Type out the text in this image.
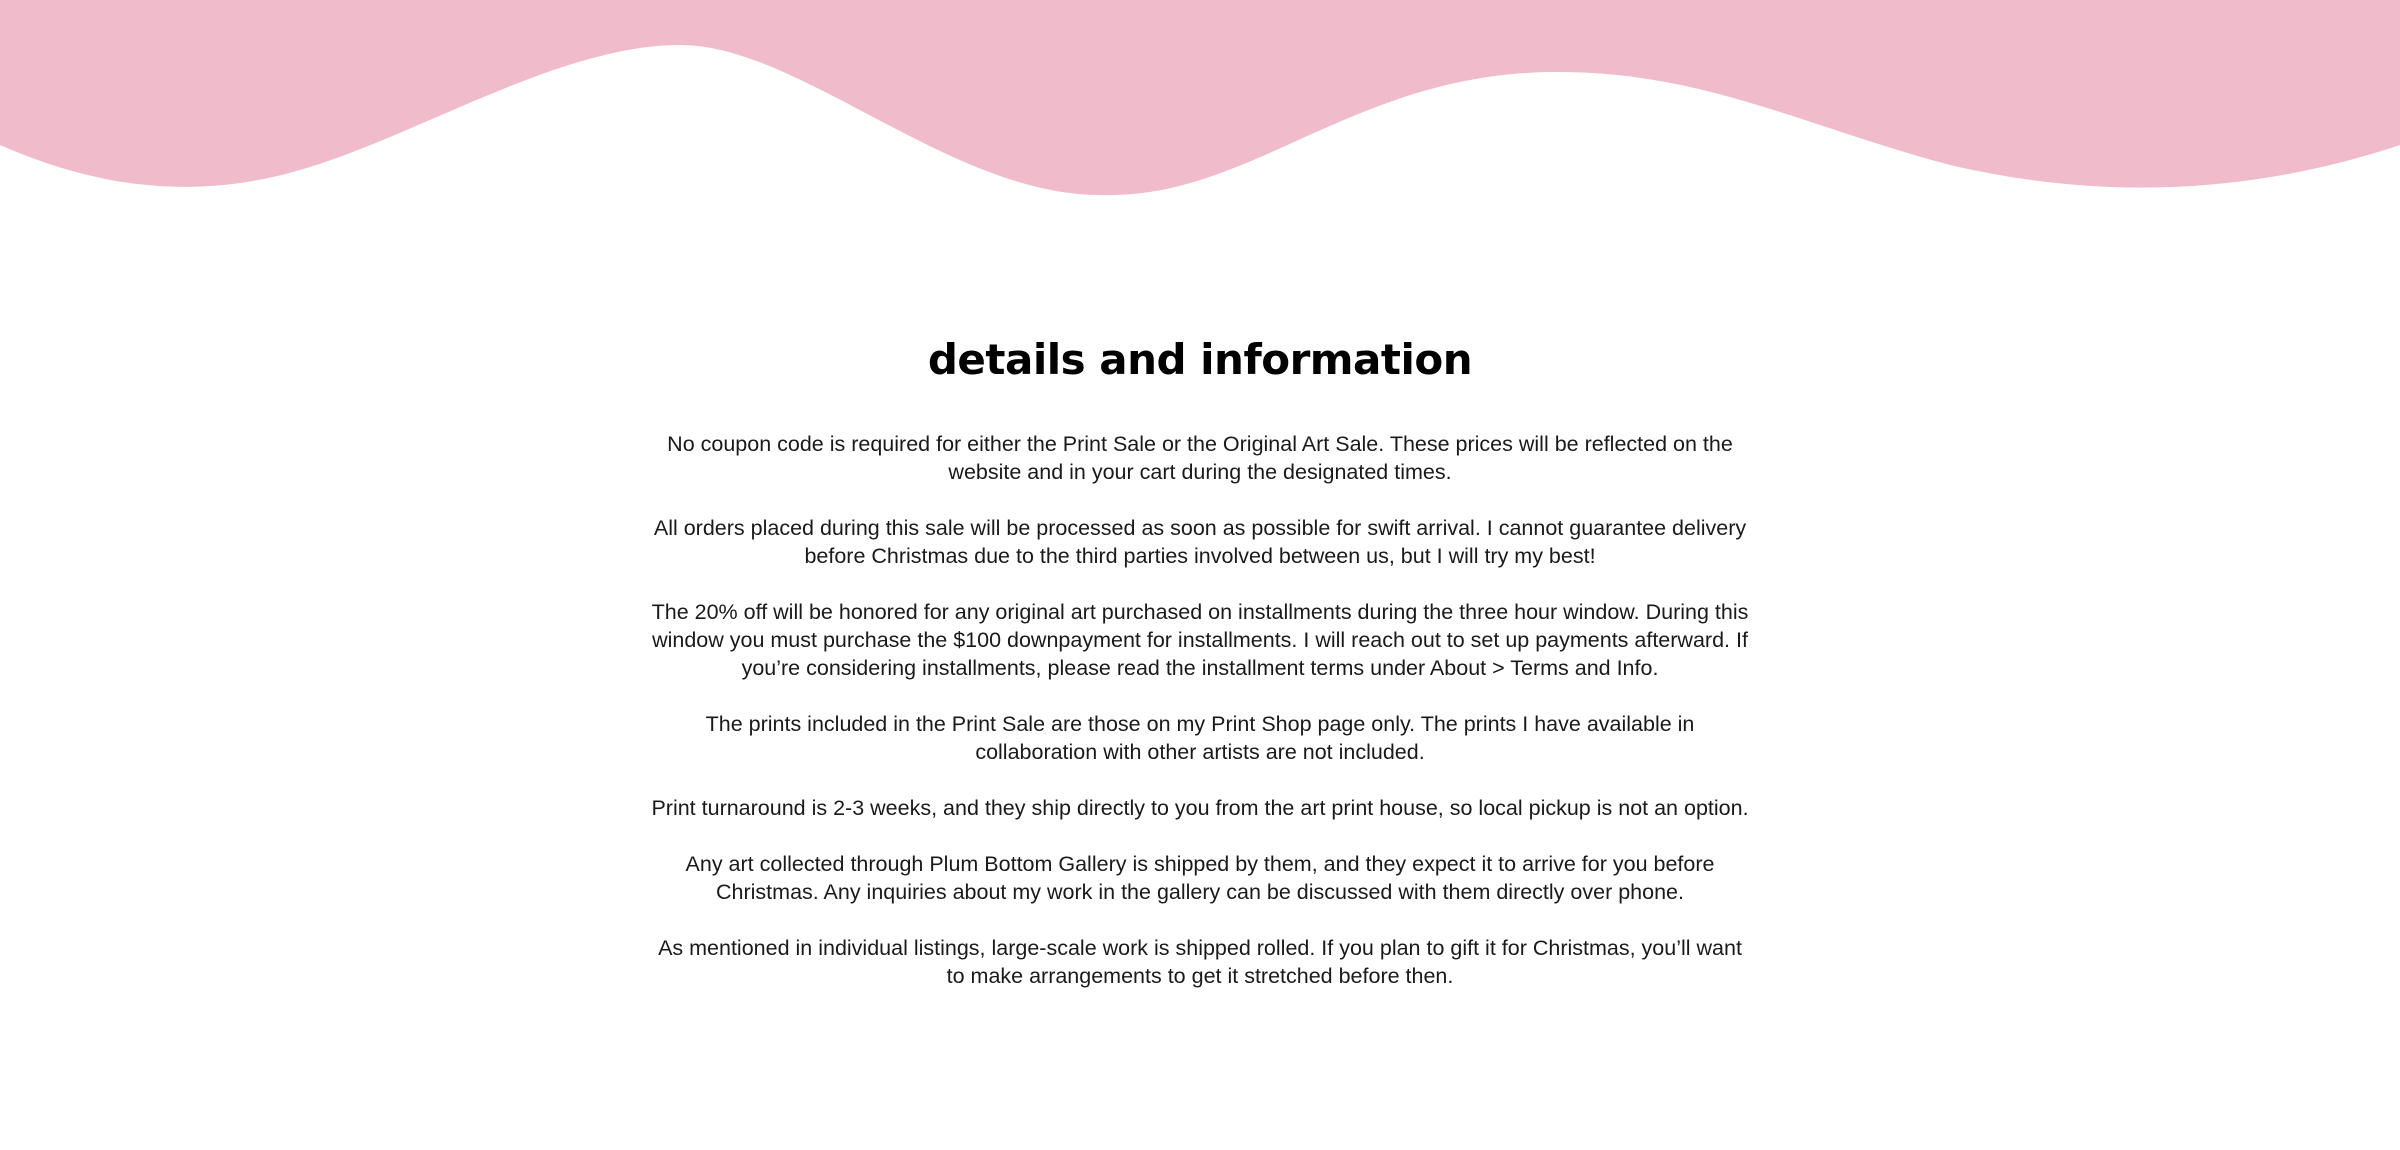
details and information

No coupon code is required for either the Print Sale or the Original Art Sale. These prices will be reflected on the website and in your cart during the designated times.

All orders placed during this sale will be processed as soon as possible for swift arrival. I cannot guarantee delivery before Christmas due to the third parties involved between us, but I will try my best!

The 20% off will be honored for any original art purchased on installments during the three hour window. During this window you must purchase the $100 downpayment for installments. I will reach out to set up payments afterward. If you’re considering installments, please read the installment terms under About > Terms and Info.

The prints included in the Print Sale are those on my Print Shop page only. The prints I have available in collaboration with other artists are not included.

Print turnaround is 2-3 weeks, and they ship directly to you from the art print house, so local pickup is not an option.

Any art collected through Plum Bottom Gallery is shipped by them, and they expect it to arrive for you before Christmas. Any inquiries about my work in the gallery can be discussed with them directly over phone.

As mentioned in individual listings, large-scale work is shipped rolled. If you plan to gift it for Christmas, you’ll want to make arrangements to get it stretched before then.
